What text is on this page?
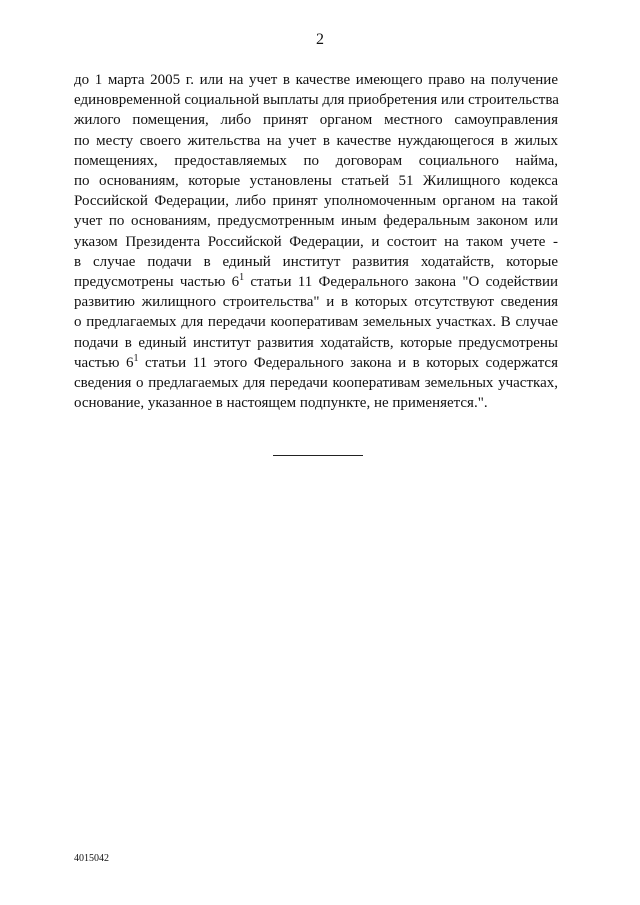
2
до 1 марта 2005 г. или на учет в качестве имеющего право на получение
единовременной социальной выплаты для приобретения или строительства
жилого помещения, либо принят органом местного самоуправления
по месту своего жительства на учет в качестве нуждающегося в жилых
помещениях, предоставляемых по договорам социального найма,
по основаниям, которые установлены статьей 51 Жилищного кодекса
Российской Федерации, либо принят уполномоченным органом на такой
учет по основаниям, предусмотренным иным федеральным законом или
указом Президента Российской Федерации, и состоит на таком учете -
в случае подачи в единый институт развития ходатайств, которые
предусмотрены частью $6^1$ статьи 11 Федерального закона "О содействии
развитию жилищного строительства" и в которых отсутствуют сведения
о предлагаемых для передачи кооперативам земельных участках. В случае
подачи в единый институт развития ходатайств, которые предусмотрены
частью $6^1$ статьи 11 этого Федерального закона и в которых содержатся
сведения о предлагаемых для передачи кооперативам земельных участках,
основание, указанное в настоящем подпункте, не применяется.".
4015042
